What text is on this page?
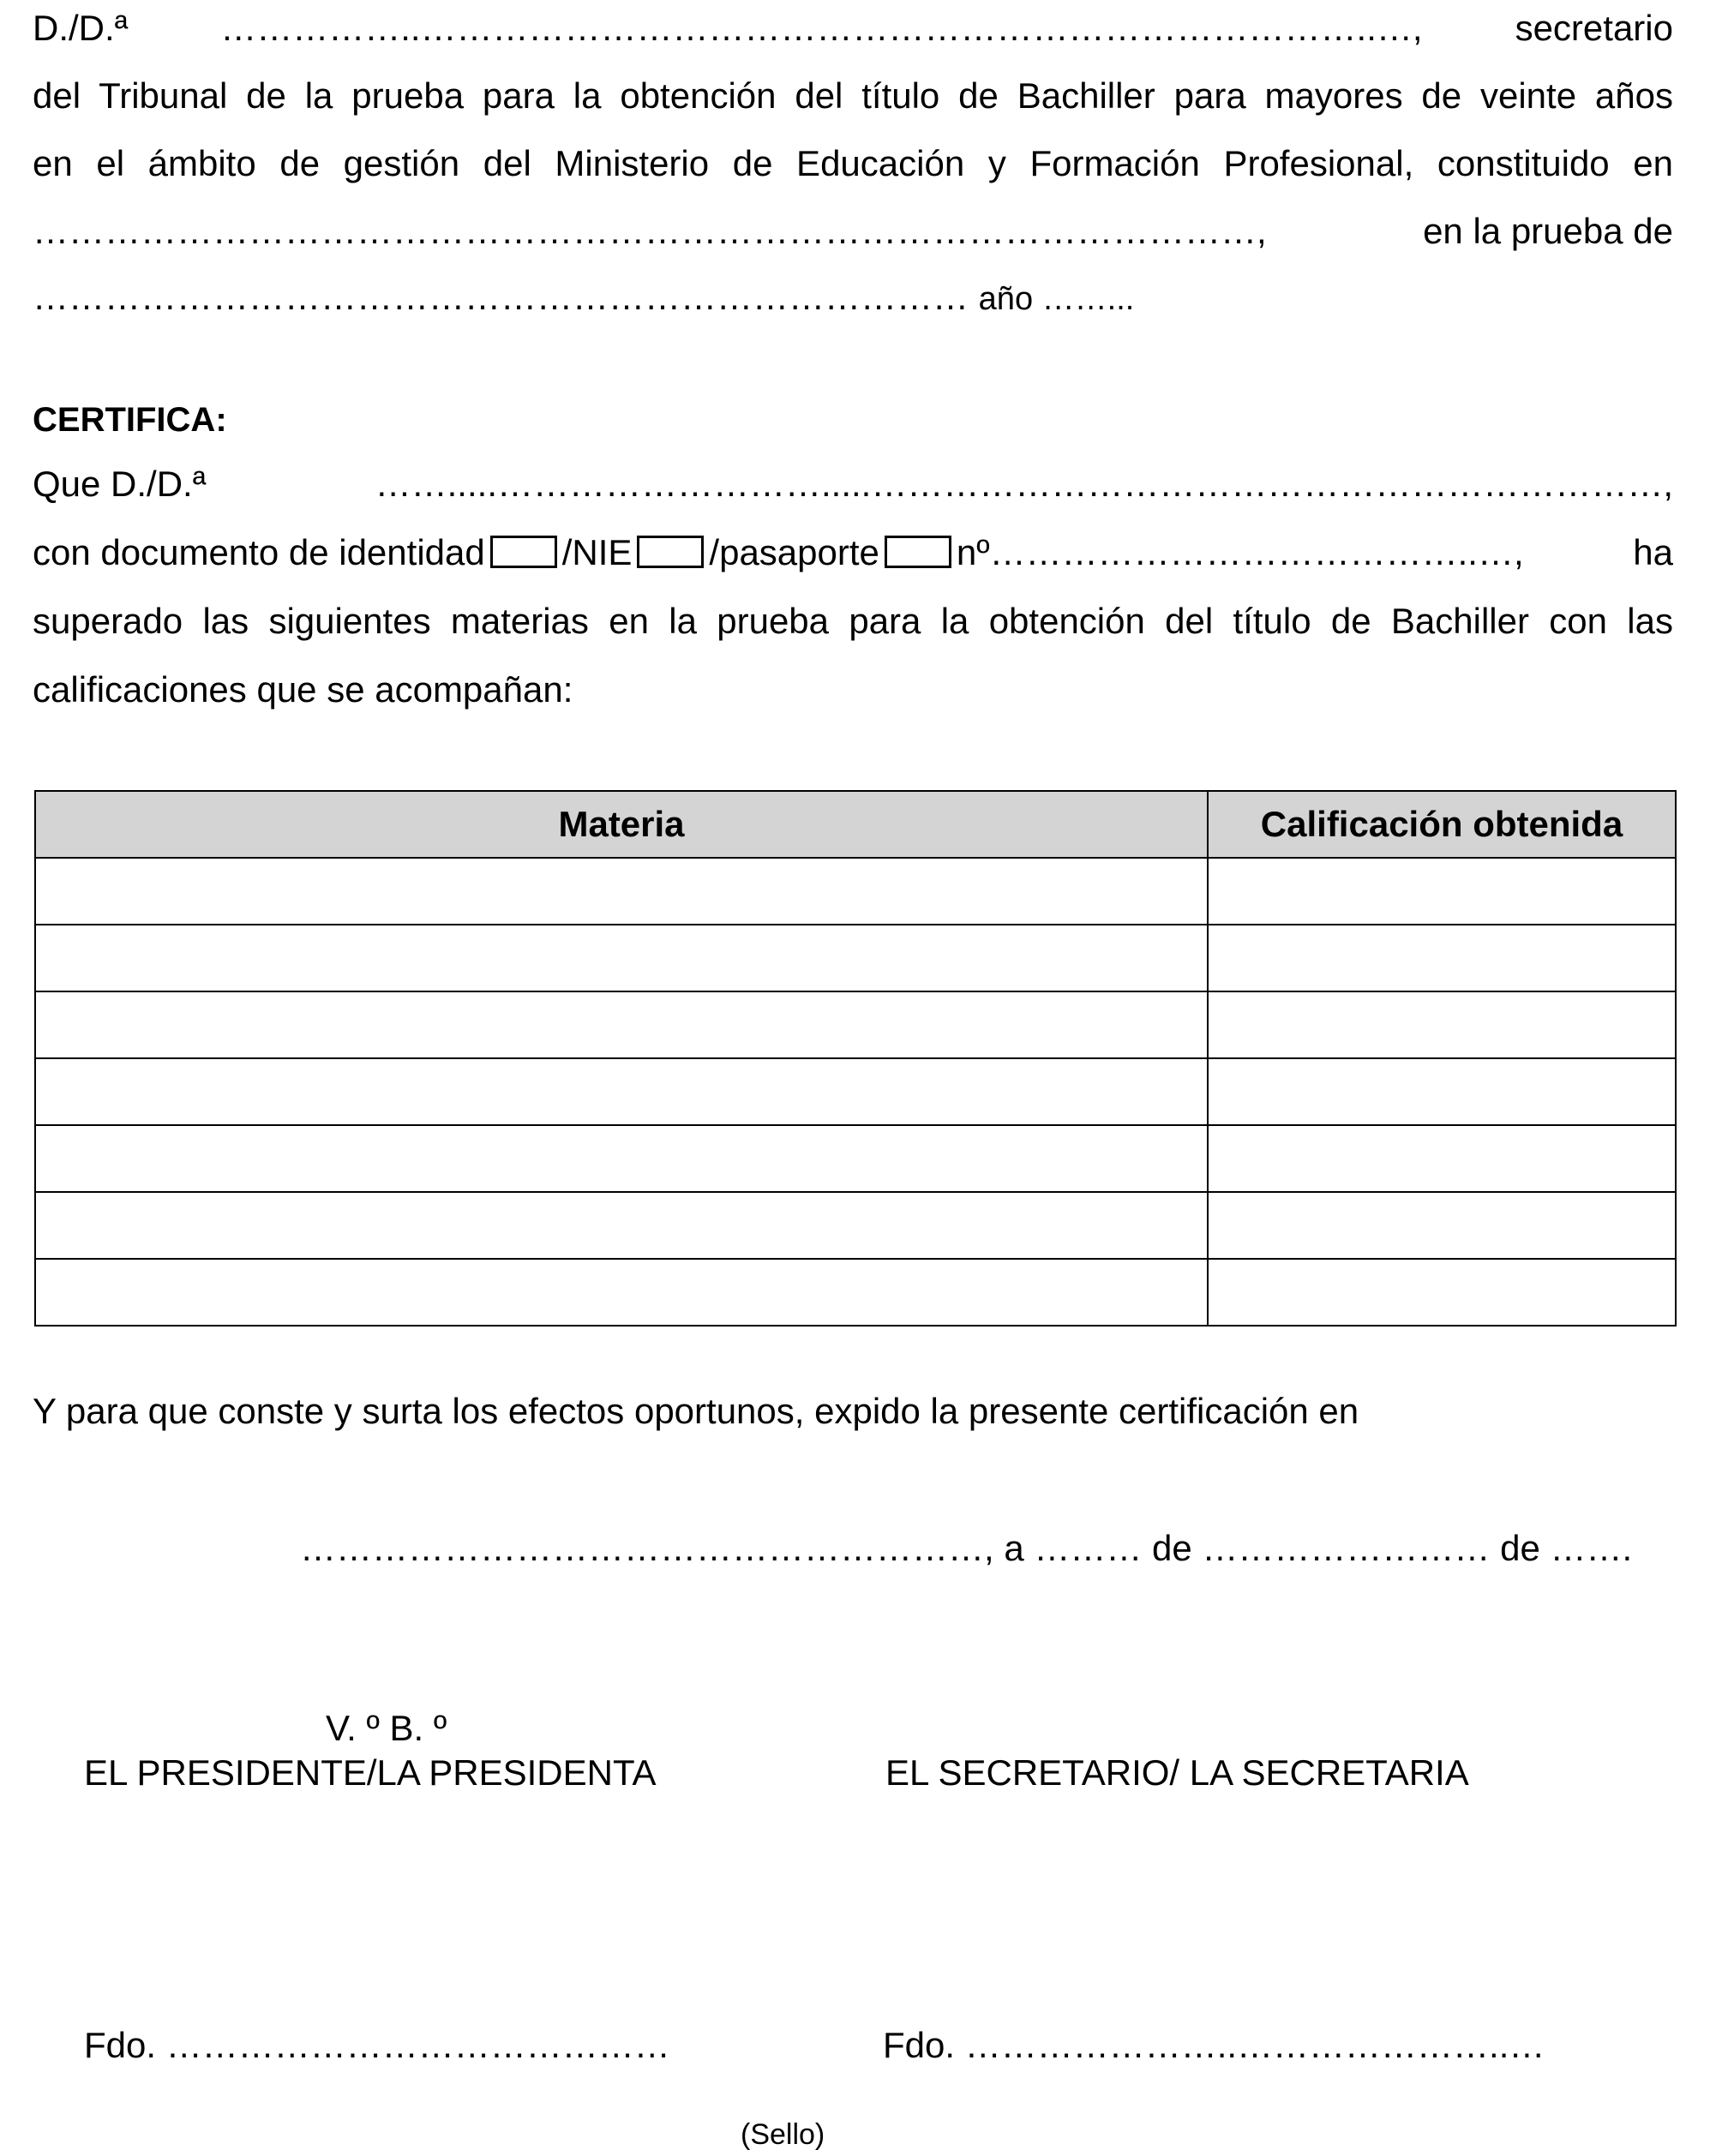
D./D.ª	……………..……………………………………………………………………..…,	secretario
del Tribunal de la prueba para la obtención del título de Bachiller para mayores de veinte años
en el ámbito de gestión del Ministerio de Educación y Formación Profesional, constituido en
…………………………………………………………………………………………,	en la prueba de
…………………………………………………………………… año ……...
CERTIFICA:
Que D./D.ª	…….....……………………….....…………………………………………………………,
con documento de identidad /NIE /pasaporte nº…………………………………..…,	ha
superado las siguientes materias en la prueba para la obtención del título de Bachiller con las
calificaciones que se acompañan:
Materia	Calificación obtenida

Y para que conste y surta los efectos oportunos, expido la presente certificación en
…………………………………………………, a ……… de …………………… de …….
V. º B. º
EL PRESIDENTE/LA PRESIDENTA	EL SECRETARIO/ LA SECRETARIA
Fdo. ……………………………………	Fdo. …………………..…………………..…
(Sello)
